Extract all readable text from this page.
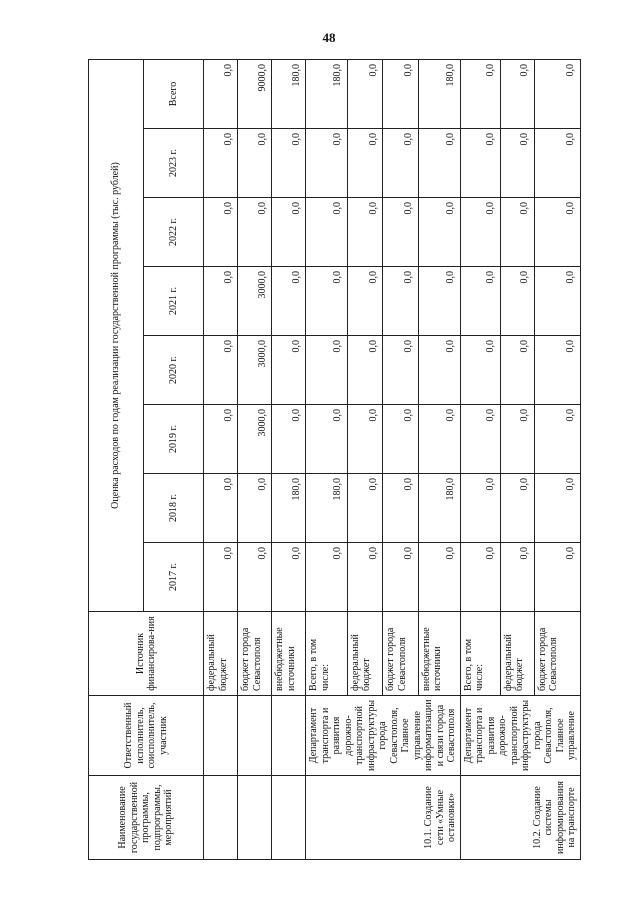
48
Наименование государственной программы, подпрограммы, мероприятий	Ответственный исполнитель, соисполнитель, участник	Источник финансирова-ния	Оценка расходов по годам реализации государственной программы (тыс. рублей)							
			2017 г.	2018 г.	2019 г.	2020 г.	2021 г.	2022 г.	2023 г.	Всего
		федеральный бюджет	0,0	0,0	0,0	0,0	0,0	0,0	0,0	0,0
		бюджет города Севастополя	0,0	0,0	3000,0	3000,0	3000,0	0,0	0,0	9000,0
		внебюджетные источники	0,0	180,0	0,0	0,0	0,0	0,0	0,0	180,0
10.1. Создание сети «Умные остановки»	Департамент транспорта и развития дорожно-транспортной инфраструктуры города Севастополя, Главное управление информатизации и связи города Севастополя	Всего, в том числе:	0,0	180,0	0,0	0,0	0,0	0,0	0,0	180,0
		федеральный бюджет	0,0	0,0	0,0	0,0	0,0	0,0	0,0	0,0
		бюджет города Севастополя	0,0	0,0	0,0	0,0	0,0	0,0	0,0	0,0
		внебюджетные источники	0,0	180,0	0,0	0,0	0,0	0,0	0,0	180,0
10.2. Создание системы информирования на транспорте	Департамент транспорта и развития дорожно-транспортной инфраструктуры города Севастополя, Главное управление	Всего, в том числе:	0,0	0,0	0,0	0,0	0,0	0,0	0,0	0,0
		федеральный бюджет	0,0	0,0	0,0	0,0	0,0	0,0	0,0	0,0
		бюджет города Севастополя	0,0	0,0	0,0	0,0	0,0	0,0	0,0	0,0
